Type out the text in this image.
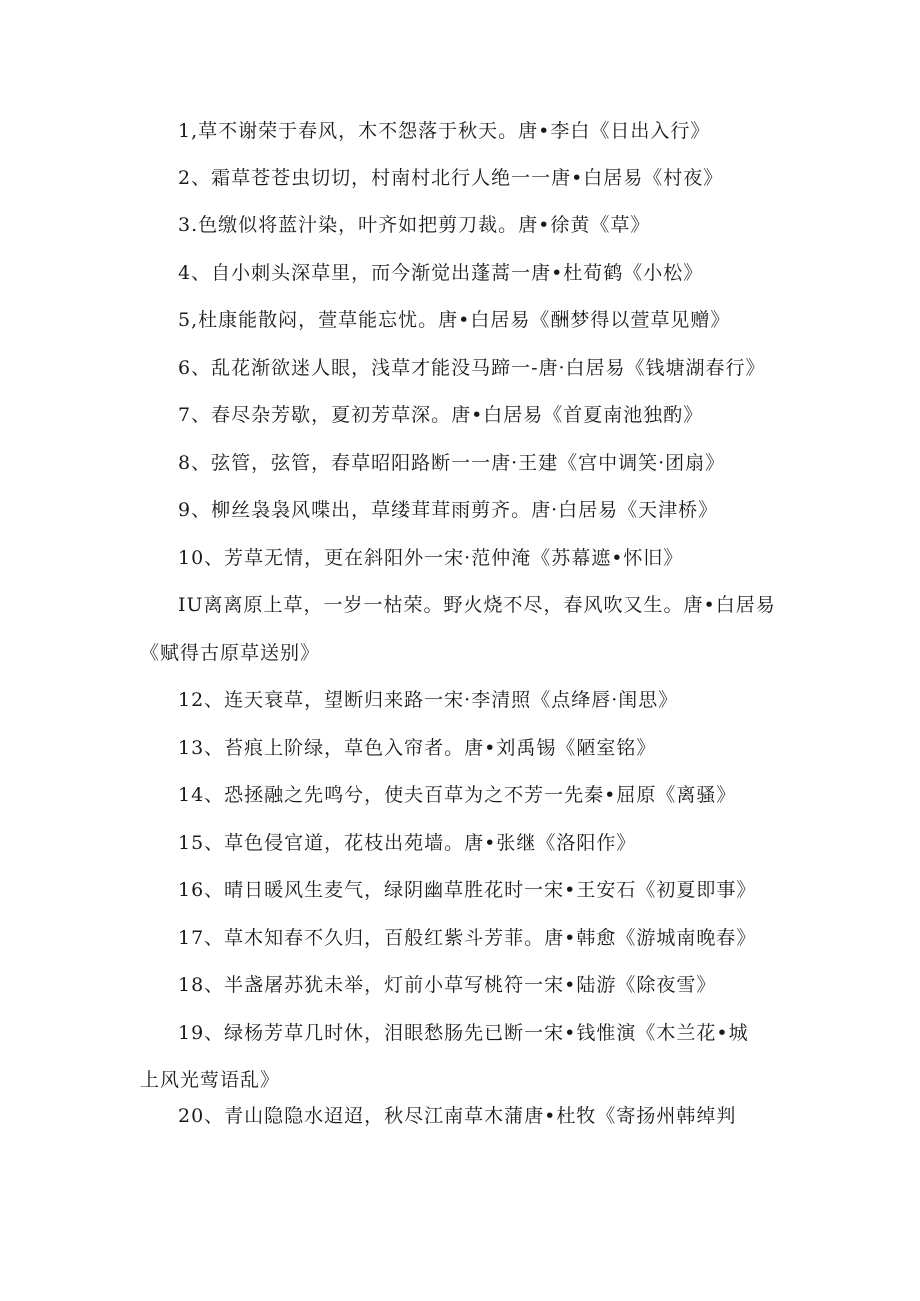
1,草不谢荣于春风，木不怨落于秋天。唐•李白《日出入行》
2、霜草苍苍虫切切，村南村北行人绝一一唐•白居易《村夜》
3.色缴似将蓝汁染，叶齐如把剪刀裁。唐•徐黄《草》
4、自小刺头深草里，而今渐觉出蓬蒿一唐•杜荀鹤《小松》
5,杜康能散闷，萱草能忘忧。唐•白居易《酬梦得以萱草见赠》
6、乱花渐欲迷人眼，浅草才能没马蹄一-唐·白居易《钱塘湖春行》
7、春尽杂芳歇，夏初芳草深。唐•白居易《首夏南池独酌》
8、弦管，弦管，春草昭阳路断一一唐·王建《宫中调笑·团扇》
9、柳丝袅袅风喋出，草缕茸茸雨剪齐。唐·白居易《天津桥》
10、芳草无情，更在斜阳外一宋·范仲淹《苏幕遮•怀旧》
IU离离原上草，一岁一枯荣。野火烧不尽，春风吹又生。唐•白居易
《赋得古原草送别》
12、连天衰草，望断归来路一宋·李清照《点绛唇·闺思》
13、苔痕上阶绿，草色入帘者。唐•刘禹锡《陋室铭》
14、恐拯融之先鸣兮，使夫百草为之不芳一先秦•屈原《离骚》
15、草色侵官道，花枝出苑墙。唐•张继《洛阳作》
16、晴日暖风生麦气，绿阴幽草胜花时一宋•王安石《初夏即事》
17、草木知春不久归，百般红紫斗芳菲。唐•韩愈《游城南晚春》
18、半盏屠苏犹未举，灯前小草写桃符一宋•陆游《除夜雪》
19、绿杨芳草几时休，泪眼愁肠先已断一宋•钱惟演《木兰花•城
上风光莺语乱》
20、青山隐隐水迢迢，秋尽江南草木蒲唐•杜牧《寄扬州韩绰判
